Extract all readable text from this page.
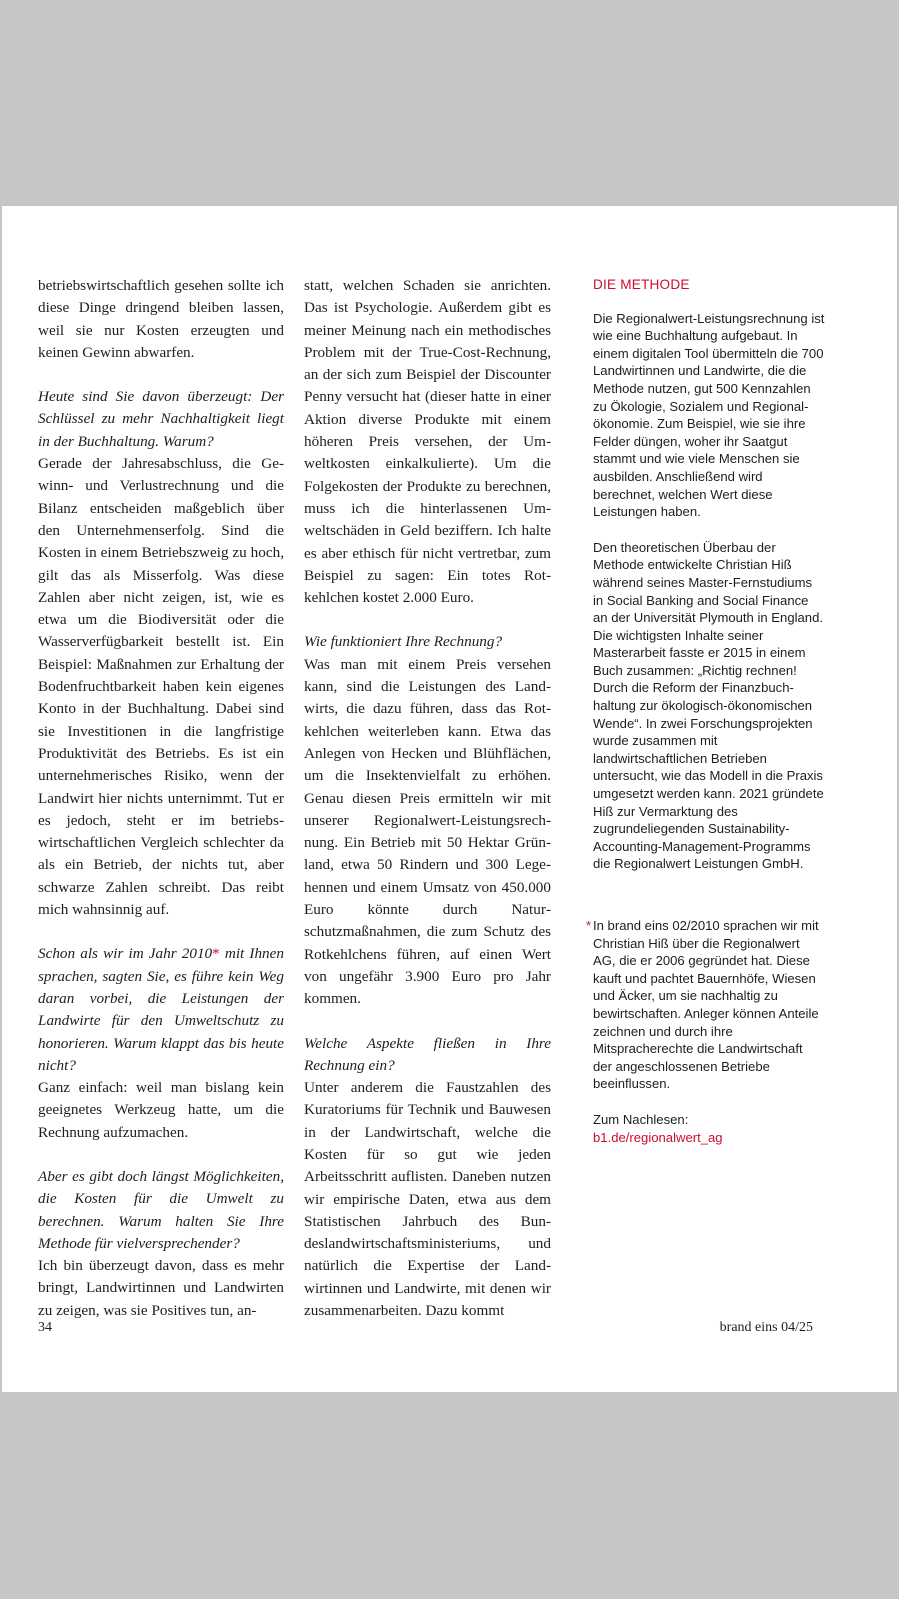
betriebswirtschaftlich gesehen sollte ich diese Dinge dringend bleiben lassen, weil sie nur Kosten erzeugten und keinen Gewinn abwarfen.

Heute sind Sie davon überzeugt: Der Schlüssel zu mehr Nachhaltigkeit liegt in der Buchhaltung. Warum?

Gerade der Jahresabschluss, die Gewinn- und Verlustrechnung und die Bilanz entscheiden maßgeblich über den Unternehmenserfolg. Sind die Kosten in einem Betriebszweig zu hoch, gilt das als Misserfolg. Was diese Zahlen aber nicht zeigen, ist, wie es etwa um die Biodiversität oder die Wasserverfügbarkeit bestellt ist. Ein Beispiel: Maßnahmen zur Erhaltung der Bodenfruchtbarkeit haben kein eigenes Konto in der Buchhaltung. Dabei sind sie Investitionen in die langfristige Produktivität des Betriebs. Es ist ein unternehmerisches Risiko, wenn der Landwirt hier nichts unternimmt. Tut er es jedoch, steht er im betriebswirtschaftlichen Vergleich schlechter da als ein Betrieb, der nichts tut, aber schwarze Zahlen schreibt. Das reibt mich wahnsinnig auf.

Schon als wir im Jahr 2010* mit Ihnen sprachen, sagten Sie, es führe kein Weg daran vorbei, die Leistungen der Landwirte für den Umweltschutz zu honorieren. Warum klappt das bis heute nicht?

Ganz einfach: weil man bislang kein geeignetes Werkzeug hatte, um die Rechnung aufzumachen.

Aber es gibt doch längst Möglichkeiten, die Kosten für die Umwelt zu berechnen. Warum halten Sie Ihre Methode für vielversprechender?

Ich bin überzeugt davon, dass es mehr bringt, Landwirtinnen und Landwirten zu zeigen, was sie Positives tun, an-

statt, welchen Schaden sie anrichten. Das ist Psychologie. Außerdem gibt es meiner Meinung nach ein methodisches Problem mit der True-Cost-Rechnung, an der sich zum Beispiel der Discounter Penny versucht hat (dieser hatte in einer Aktion diverse Produkte mit einem höheren Preis versehen, der Umweltkosten einkalkulierte). Um die Folgekosten der Produkte zu berechnen, muss ich die hinterlassenen Umweltschäden in Geld beziffern. Ich halte es aber ethisch für nicht vertretbar, zum Beispiel zu sagen: Ein totes Rotkehlchen kostet 2.000 Euro.

Wie funktioniert Ihre Rechnung?

Was man mit einem Preis versehen kann, sind die Leistungen des Landwirts, die dazu führen, dass das Rotkehlchen weiterleben kann. Etwa das Anlegen von Hecken und Blühflächen, um die Insektenvielfalt zu erhöhen. Genau diesen Preis ermitteln wir mit unserer Regionalwert-Leistungsrechnung. Ein Betrieb mit 50 Hektar Grünland, etwa 50 Rindern und 300 Legehennen und einem Umsatz von 450.000 Euro könnte durch Naturschutzmaßnahmen, die zum Schutz des Rotkehlchens führen, auf einen Wert von ungefähr 3.900 Euro pro Jahr kommen.

Welche Aspekte fließen in Ihre Rechnung ein?

Unter anderem die Faustzahlen des Kuratoriums für Technik und Bauwesen in der Landwirtschaft, welche die Kosten für so gut wie jeden Arbeitsschritt auflisten. Daneben nutzen wir empirische Daten, etwa aus dem Statistischen Jahrbuch des Bundeslandwirtschaftsministeriums, und natürlich die Expertise der Landwirtinnen und Landwirte, mit denen wir zusammenarbeiten. Dazu kommt

DIE METHODE

Die Regionalwert-Leistungsrechnung ist wie eine Buchhaltung aufgebaut. In einem digitalen Tool übermitteln die 700 Landwirtinnen und Landwirte, die die Methode nutzen, gut 500 Kennzahlen zu Ökologie, Sozialem und Regionalökonomie. Zum Beispiel, wie sie ihre Felder düngen, woher ihr Saatgut stammt und wie viele Menschen sie ausbilden. Anschließend wird berechnet, welchen Wert diese Leistungen haben.

Den theoretischen Überbau der Methode entwickelte Christian Hiß während seines Master-Fernstudiums in Social Banking and Social Finance an der Universität Plymouth in England. Die wichtigsten Inhalte seiner Masterarbeit fasste er 2015 in einem Buch zusammen: „Richtig rechnen! Durch die Reform der Finanzbuchhaltung zur ökologisch-ökonomischen Wende“. In zwei Forschungsprojekten wurde zusammen mit landwirtschaftlichen Betrieben untersucht, wie das Modell in die Praxis umgesetzt werden kann. 2021 gründete Hiß zur Vermarktung des zugrundeliegenden Sustainability-Accounting-Management-Programms die Regionalwert Leistungen GmbH.

* In brand eins 02/2010 sprachen wir mit Christian Hiß über die Regionalwert AG, die er 2006 gegründet hat. Diese kauft und pachtet Bauernhöfe, Wiesen und Äcker, um sie nachhaltig zu bewirtschaften. Anleger können Anteile zeichnen und durch ihre Mitspracherechte die Landwirtschaft der angeschlossenen Betriebe beeinflussen.

Zum Nachlesen:

b1.de/regionalwert_ag

34	brand eins 04/25
